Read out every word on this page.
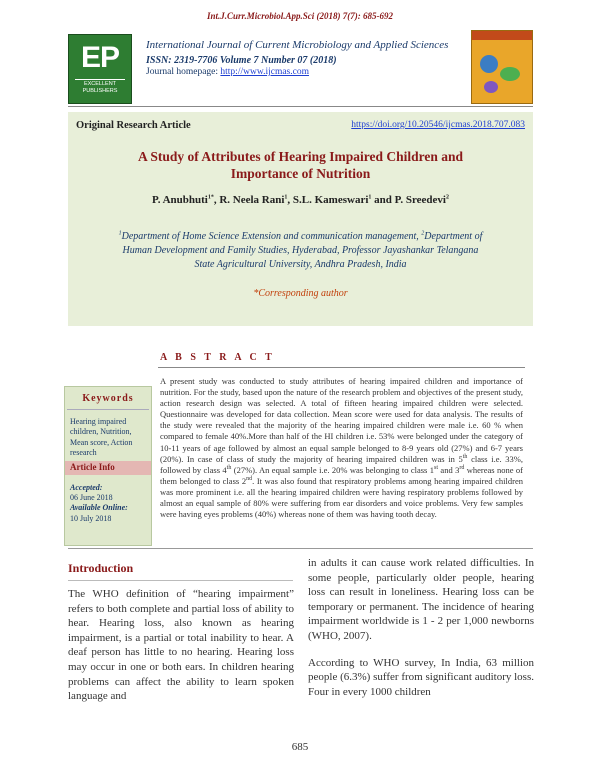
Int.J.Curr.Microbiol.App.Sci (2018) 7(7): 685-692
EP
EXCELLENT PUBLISHERS
International Journal of Current Microbiology and Applied Sciences
ISSN: 2319-7706 Volume 7 Number 07 (2018)
Journal homepage: http://www.ijcmas.com
Original Research Article	https://doi.org/10.20546/ijcmas.2018.707.083
A Study of Attributes of Hearing Impaired Children and
Importance of Nutrition
P. Anubhuti$^{1*}$, R. Neela Rani$^1$, S.L. Kameswari$^1$ and P. Sreedevi$^2$
$^1$Department of Home Science Extension and communication management, $^2$Department of
Human Development and Family Studies, Hyderabad, Professor Jayashankar Telangana
State Agricultural University, Andhra Pradesh, India
*Corresponding author
A B S T R A C T
A present study was conducted to study attributes of hearing impaired children and importance of nutrition. For the study, based upon the nature of the research problem and objectives of the present study, action research design was selected. A total of fifteen hearing impaired children were selected. Questionnaire was developed for data collection. Mean score were used for data analysis. The results of the study were revealed that the majority of the hearing impaired children were male i.e. 60 % when compared to female 40%.More than half of the HI children i.e. 53% were belonged under the category of 10-11 years of age followed by almost an equal sample belonged to 8-9 years old (27%) and 6-7 years (20%). In case of class of study the majority of hearing impaired children was in 5th class i.e. 33%, followed by class 4th (27%). An equal sample i.e. 20% was belonging to class 1st and 3rd whereas none of them belonged to class 2nd. It was also found that respiratory problems among hearing impaired children was more prominent i.e. all the hearing impaired children were having respiratory problems followed by almost an equal sample of 80% were suffering from ear disorders and voice problems. Very few samples were having eyes problems (40%) whereas none of them was having tooth decay.
Keywords
Hearing impaired children, Nutrition, Mean score, Action research
Article Info
Accepted:
06 June 2018
Available Online:
10 July 2018
Introduction

The WHO definition of “hearing impairment” refers to both complete and partial loss of ability to hear. Hearing loss, also known as hearing impairment, is a partial or total inability to hear. A deaf person has little to no hearing. Hearing loss may occur in one or both ears. In children hearing problems can affect the ability to learn spoken language and

in adults it can cause work related difficulties. In some people, particularly older people, hearing loss can result in loneliness. Hearing loss can be temporary or permanent. The incidence of hearing impairment worldwide is 1 - 2 per 1,000 newborns (WHO, 2007).

According to WHO survey, In India, 63 million people (6.3%) suffer from significant auditory loss. Four in every 1000 children

685
